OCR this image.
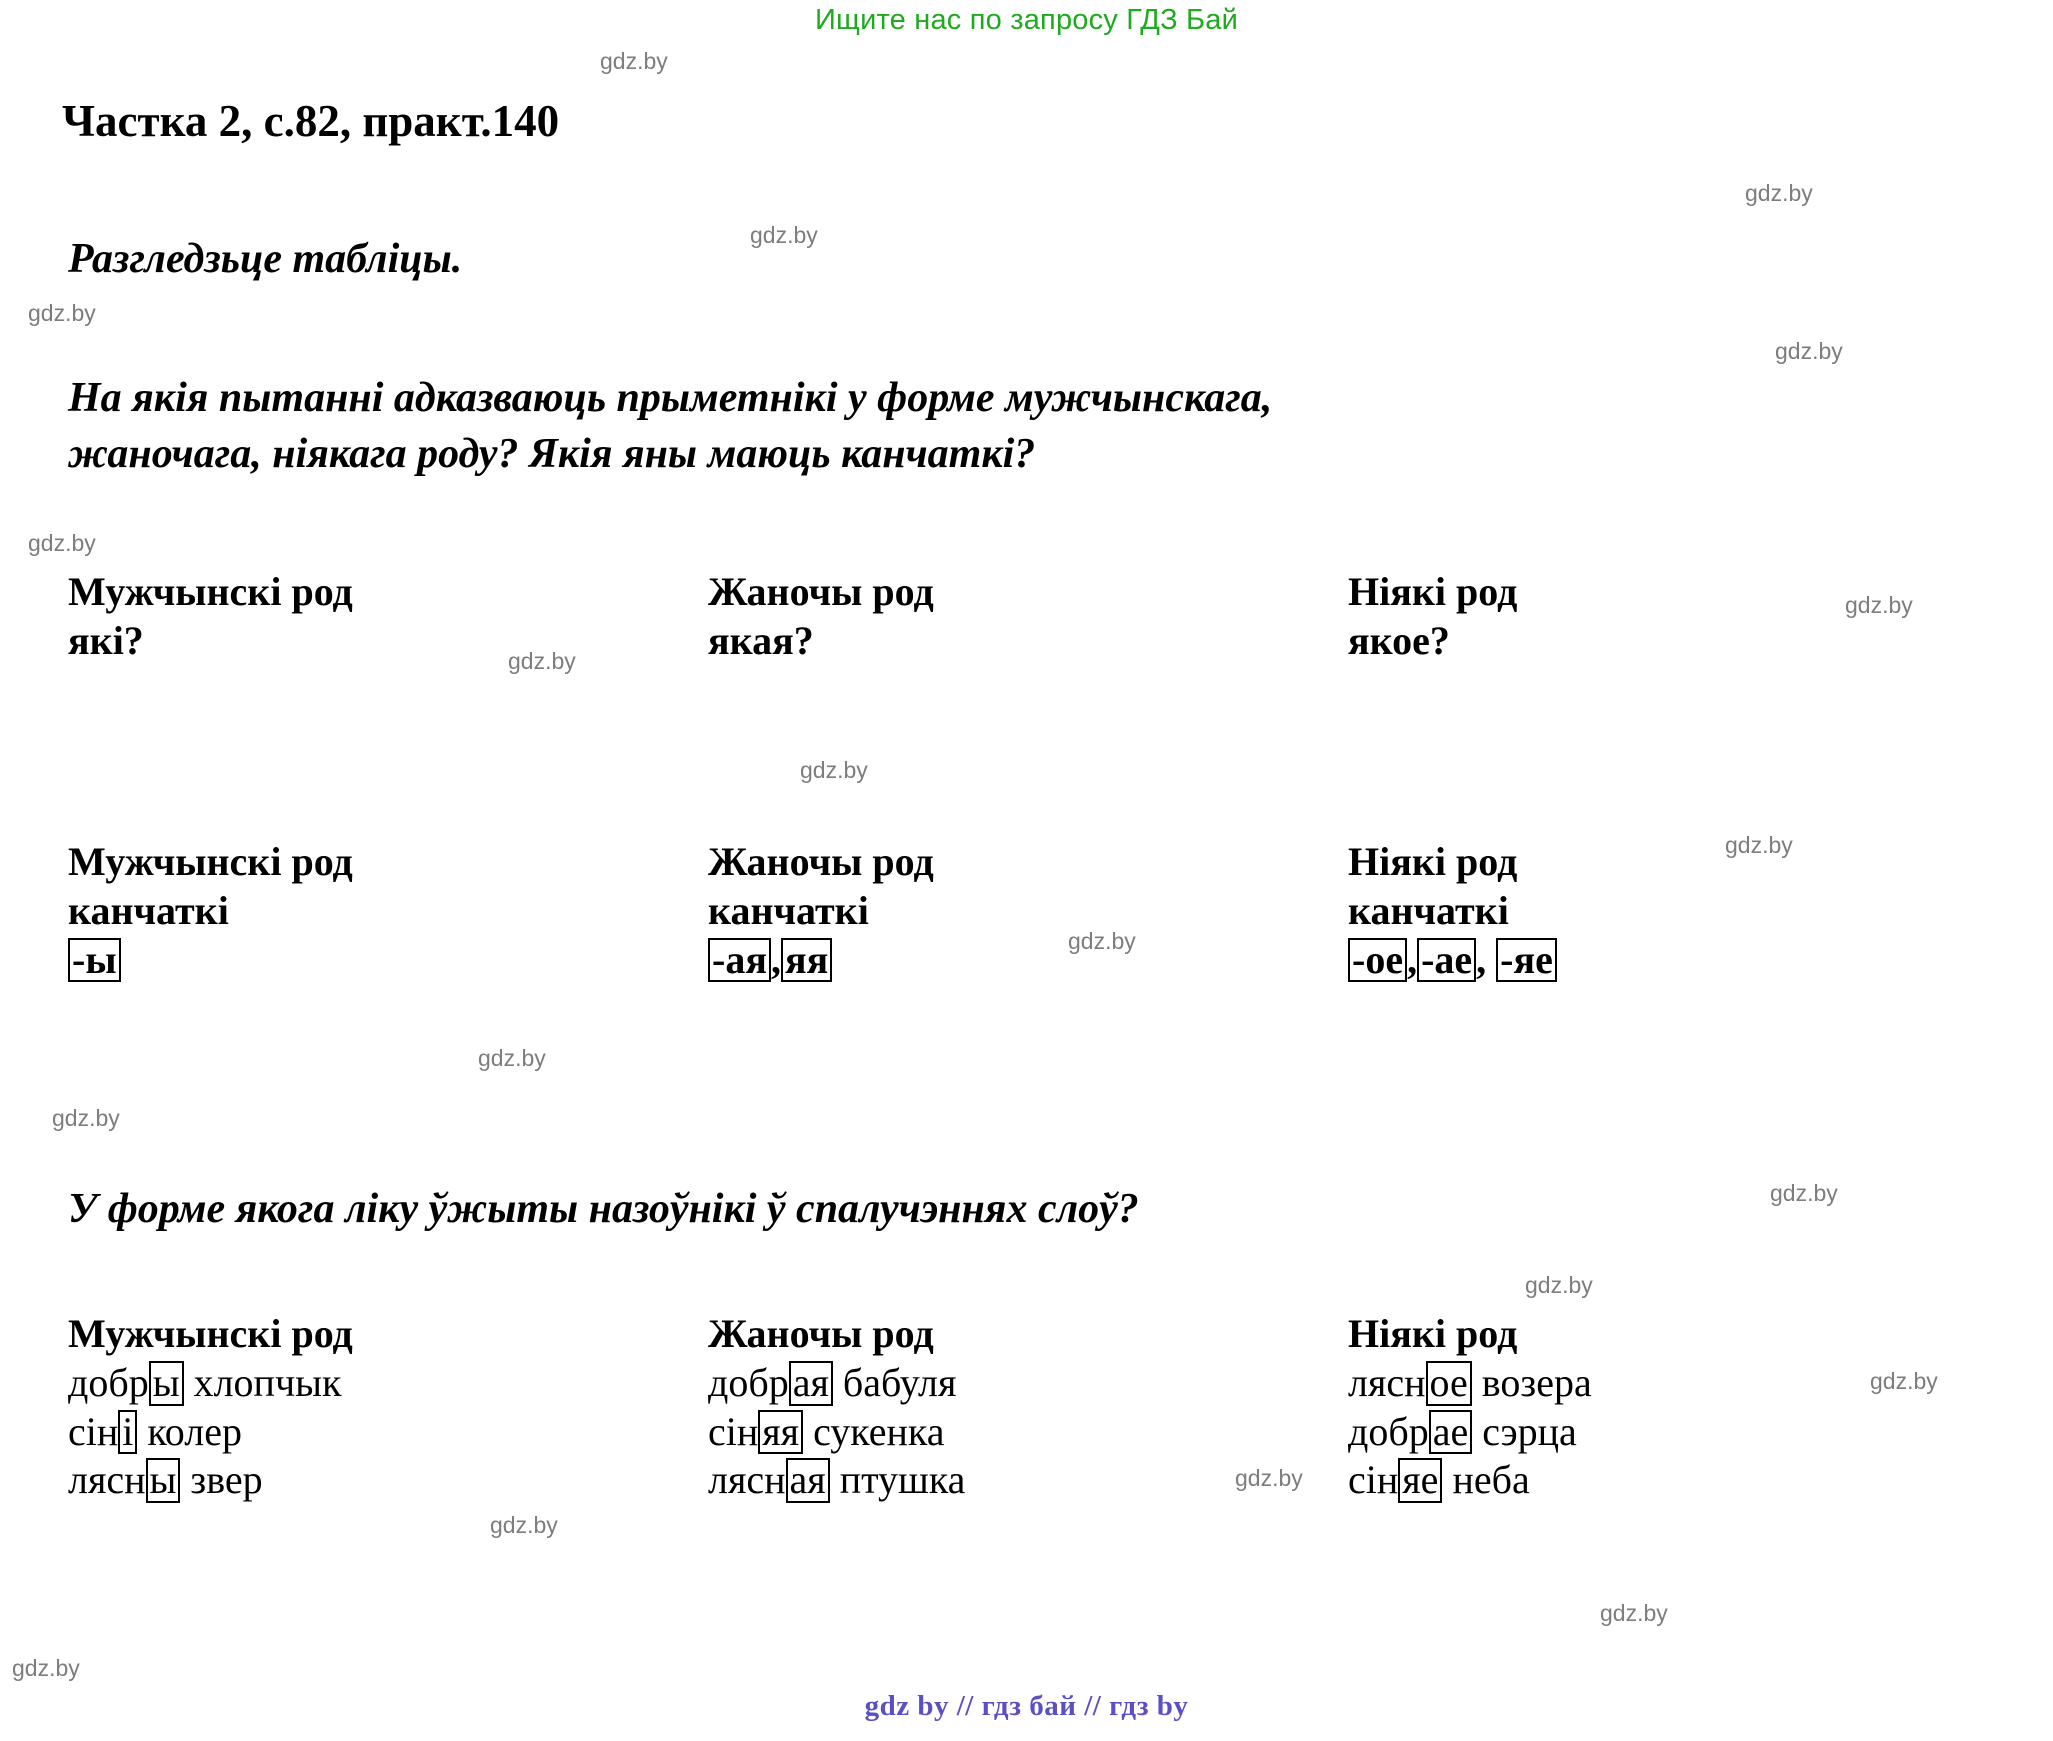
Ищите нас по запросу ГДЗ Бай
Частка 2, с.82, практ.140
Разгледзьце табліцы.
На якія пытанні адказваюць прыметнікі у форме мужчынскага,
жаночага, ніякага роду? Якія яны маюць канчаткі?
Мужчынскі род
які?
Жаночы род
якая?
Ніякі род
якое?
Мужчынскі род
канчаткі
-ы
Жаночы род
канчаткі
-ая ,яя
Ніякі род
канчаткі
-ое , -ае , -яе
У форме якога ліку ўжыты назоўнікі ў спалучэннях слоў?
Мужчынскі род
добр ы хлопчык
сін і колер
лясн ы звер
Жаночы род
добр ая бабуля
сін яя сукенка
лясн ая птушка
Ніякі род
лясн ое возера
добр ае сэрца
сін яе неба
gdz by // гдз бай // гдз by
gdz.by
gdz.by
gdz.by
gdz.by
gdz.by
gdz.by
gdz.by
gdz.by
gdz.by
gdz.by
gdz.by
gdz.by
gdz.by
gdz.by
gdz.by
gdz.by
gdz.by
gdz.by
gdz.by
gdz.by
